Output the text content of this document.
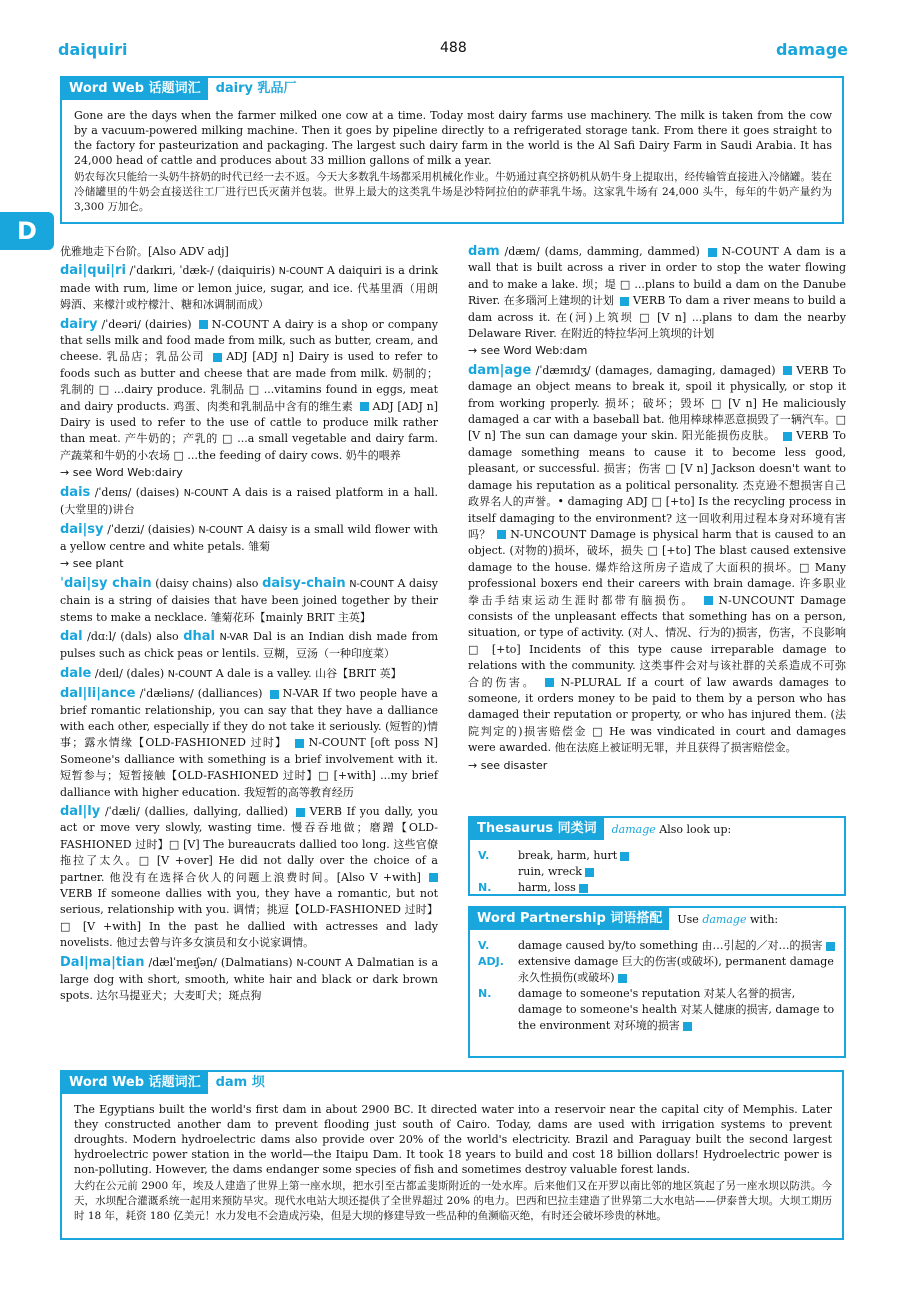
daiquiri	488	damage
D
Word Web 话题词汇	dairy 乳品厂

Gone are the days when the farmer milked one cow at a time. Today most dairy farms use machinery. The milk is taken from the cow by a vacuum-powered milking machine. Then it goes by pipeline directly to a refrigerated storage tank. From there it goes straight to the factory for pasteurization and packaging. The largest such dairy farm in the world is the Al Safi Dairy Farm in Saudi Arabia. It has 24,000 head of cattle and produces about 33 million gallons of milk a year.

奶农每次只能给一头奶牛挤奶的时代已经一去不返。今天大多数乳牛场都采用机械化作业。牛奶通过真空挤奶机从奶牛身上提取出，经传输管直接进入冷储罐。装在冷储罐里的牛奶会直接送往工厂进行巴氏灭菌并包装。世界上最大的这类乳牛场是沙特阿拉伯的萨菲乳牛场。这家乳牛场有 24,000 头牛，每年的牛奶产量约为 3,300 万加仑。

优雅地走下台阶。[Also ADV adj]
dai|qui|ri /ˈdaɪkɪri, ˈdæk-/ (daiquiris) N-COUNT A daiquiri is a drink made with rum, lime or lemon juice, sugar, and ice. 代基里酒（用朗姆酒、来檬汁或柠檬汁、糖和冰调制而成）
dairy /ˈdeəri/ (dairies) N-COUNT A dairy is a shop or company that sells milk and food made from milk, such as butter, cream, and cheese. 乳品店；乳品公司 ADJ [ADJ n] Dairy is used to refer to foods such as butter and cheese that are made from milk. 奶制的；乳制的 □ ...dairy produce. 乳制品 □ ...vitamins found in eggs, meat and dairy products. 鸡蛋、肉类和乳制品中含有的维生素 ADJ [ADJ n] Dairy is used to refer to the use of cattle to produce milk rather than meat. 产牛奶的；产乳的 □ ...a small vegetable and dairy farm. 产蔬菜和牛奶的小农场 □ ...the feeding of dairy cows. 奶牛的喂养
→ see Word Web:dairy
dais /ˈdeɪɪs/ (daises) N-COUNT A dais is a raised platform in a hall. (大堂里的)讲台
dai|sy /ˈdeɪzi/ (daisies) N-COUNT A daisy is a small wild flower with a yellow centre and white petals. 雏菊
→ see plant
ˈdai|sy chain (daisy chains) also daisy-chain N-COUNT A daisy chain is a string of daisies that have been joined together by their stems to make a necklace. 雏菊花环【mainly BRIT 主英】
dal /dɑːl/ (dals) also dhal N-VAR Dal is an Indian dish made from pulses such as chick peas or lentils. 豆糊，豆汤（一种印度菜）
dale /deɪl/ (dales) N-COUNT A dale is a valley. 山谷【BRIT 英】
dal|li|ance /ˈdæliəns/ (dalliances) N-VAR If two people have a brief romantic relationship, you can say that they have a dalliance with each other, especially if they do not take it seriously. (短暂的)情事；露水情缘【OLD-FASHIONED 过时】 N-COUNT [oft poss N] Someone's dalliance with something is a brief involvement with it. 短暂参与；短暂接触【OLD-FASHIONED 过时】□ [+with] ...my brief dalliance with higher education. 我短暂的高等教育经历
dal|ly /ˈdæli/ (dallies, dallying, dallied) VERB If you dally, you act or move very slowly, wasting time. 慢吞吞地做；磨蹭【OLD-FASHIONED 过时】□ [V] The bureaucrats dallied too long. 这些官僚拖拉了太久。□ [V +over] He did not dally over the choice of a partner. 他没有在选择合伙人的问题上浪费时间。[Also V +with]  VERB If someone dallies with you, they have a romantic, but not serious, relationship with you. 调情；挑逗【OLD-FASHIONED 过时】□ [V +with] In the past he dallied with actresses and lady novelists. 他过去曾与许多女演员和女小说家调情。
Dal|ma|tian /dælˈmeɪʃən/ (Dalmatians) N-COUNT A Dalmatian is a large dog with short, smooth, white hair and black or dark brown spots. 达尔马提亚犬；大麦町犬；斑点狗
dam /dæm/ (dams, damming, dammed) N-COUNT A dam is a wall that is built across a river in order to stop the water flowing and to make a lake. 坝；堤 □ ...plans to build a dam on the Danube River. 在多瑙河上建坝的计划 VERB To dam a river means to build a dam across it. 在(河)上筑坝 □ [V n] ...plans to dam the nearby Delaware River. 在附近的特拉华河上筑坝的计划
→ see Word Web:dam
dam|age /ˈdæmɪdʒ/ (damages, damaging, damaged) VERB To damage an object means to break it, spoil it physically, or stop it from working properly. 损坏；破坏；毁坏 □ [V n] He maliciously damaged a car with a baseball bat. 他用棒球棒恶意损毁了一辆汽车。□ [V n] The sun can damage your skin. 阳光能损伤皮肤。 VERB To damage something means to cause it to become less good, pleasant, or successful. 损害；伤害 □ [V n] Jackson doesn't want to damage his reputation as a political personality. 杰克逊不想损害自己政界名人的声誉。• damaging ADJ □ [+to] Is the recycling process in itself damaging to the environment? 这一回收利用过程本身对环境有害吗？ N-UNCOUNT Damage is physical harm that is caused to an object. (对物的)损坏，破坏，损失 □ [+to] The blast caused extensive damage to the house. 爆炸给这所房子造成了大面积的损坏。□ Many professional boxers end their careers with brain damage. 许多职业拳击手结束运动生涯时都带有脑损伤。 N-UNCOUNT Damage consists of the unpleasant effects that something has on a person, situation, or type of activity. (对人、情况、行为的)损害，伤害，不良影响 □ [+to] Incidents of this type cause irreparable damage to relations with the community. 这类事件会对与该社群的关系造成不可弥合的伤害。 N-PLURAL If a court of law awards damages to someone, it orders money to be paid to them by a person who has damaged their reputation or property, or who has injured them. (法院判定的)损害赔偿金 □ He was vindicated in court and damages were awarded. 他在法庭上被证明无罪，并且获得了损害赔偿金。
→ see disaster
Thesaurus 同类词	damage Also look up:
V.	break, harm, hurt
ruin, wreck
N.	harm, loss
Word Partnership 词语搭配	Use damage with:
V.	damage caused by/to something 由…引起的／对…的损害
ADJ.	extensive damage 巨大的伤害(或破坏), permanent damage 永久性损伤(或破坏)
N.	damage to someone's reputation 对某人名誉的损害, damage to someone's health 对某人健康的损害, damage to the environment 对环境的损害
Word Web 话题词汇	dam 坝

The Egyptians built the world's first dam in about 2900 BC. It directed water into a reservoir near the capital city of Memphis. Later they constructed another dam to prevent flooding just south of Cairo. Today, dams are used with irrigation systems to prevent droughts. Modern hydroelectric dams also provide over 20% of the world's electricity. Brazil and Paraguay built the second largest hydroelectric power station in the world—the Itaipu Dam. It took 18 years to build and cost 18 billion dollars! Hydroelectric power is non-polluting. However, the dams endanger some species of fish and sometimes destroy valuable forest lands.

大约在公元前 2900 年，埃及人建造了世界上第一座水坝，把水引至古都孟斐斯附近的一处水库。后来他们又在开罗以南比邻的地区筑起了另一座水坝以防洪。今天，水坝配合灌溉系统一起用来预防旱灾。现代水电站大坝还提供了全世界超过 20% 的电力。巴西和巴拉圭建造了世界第二大水电站——伊泰普大坝。大坝工期历时 18 年，耗资 180 亿美元！水力发电不会造成污染，但是大坝的修建导致一些品种的鱼濒临灭绝，有时还会破坏珍贵的林地。
